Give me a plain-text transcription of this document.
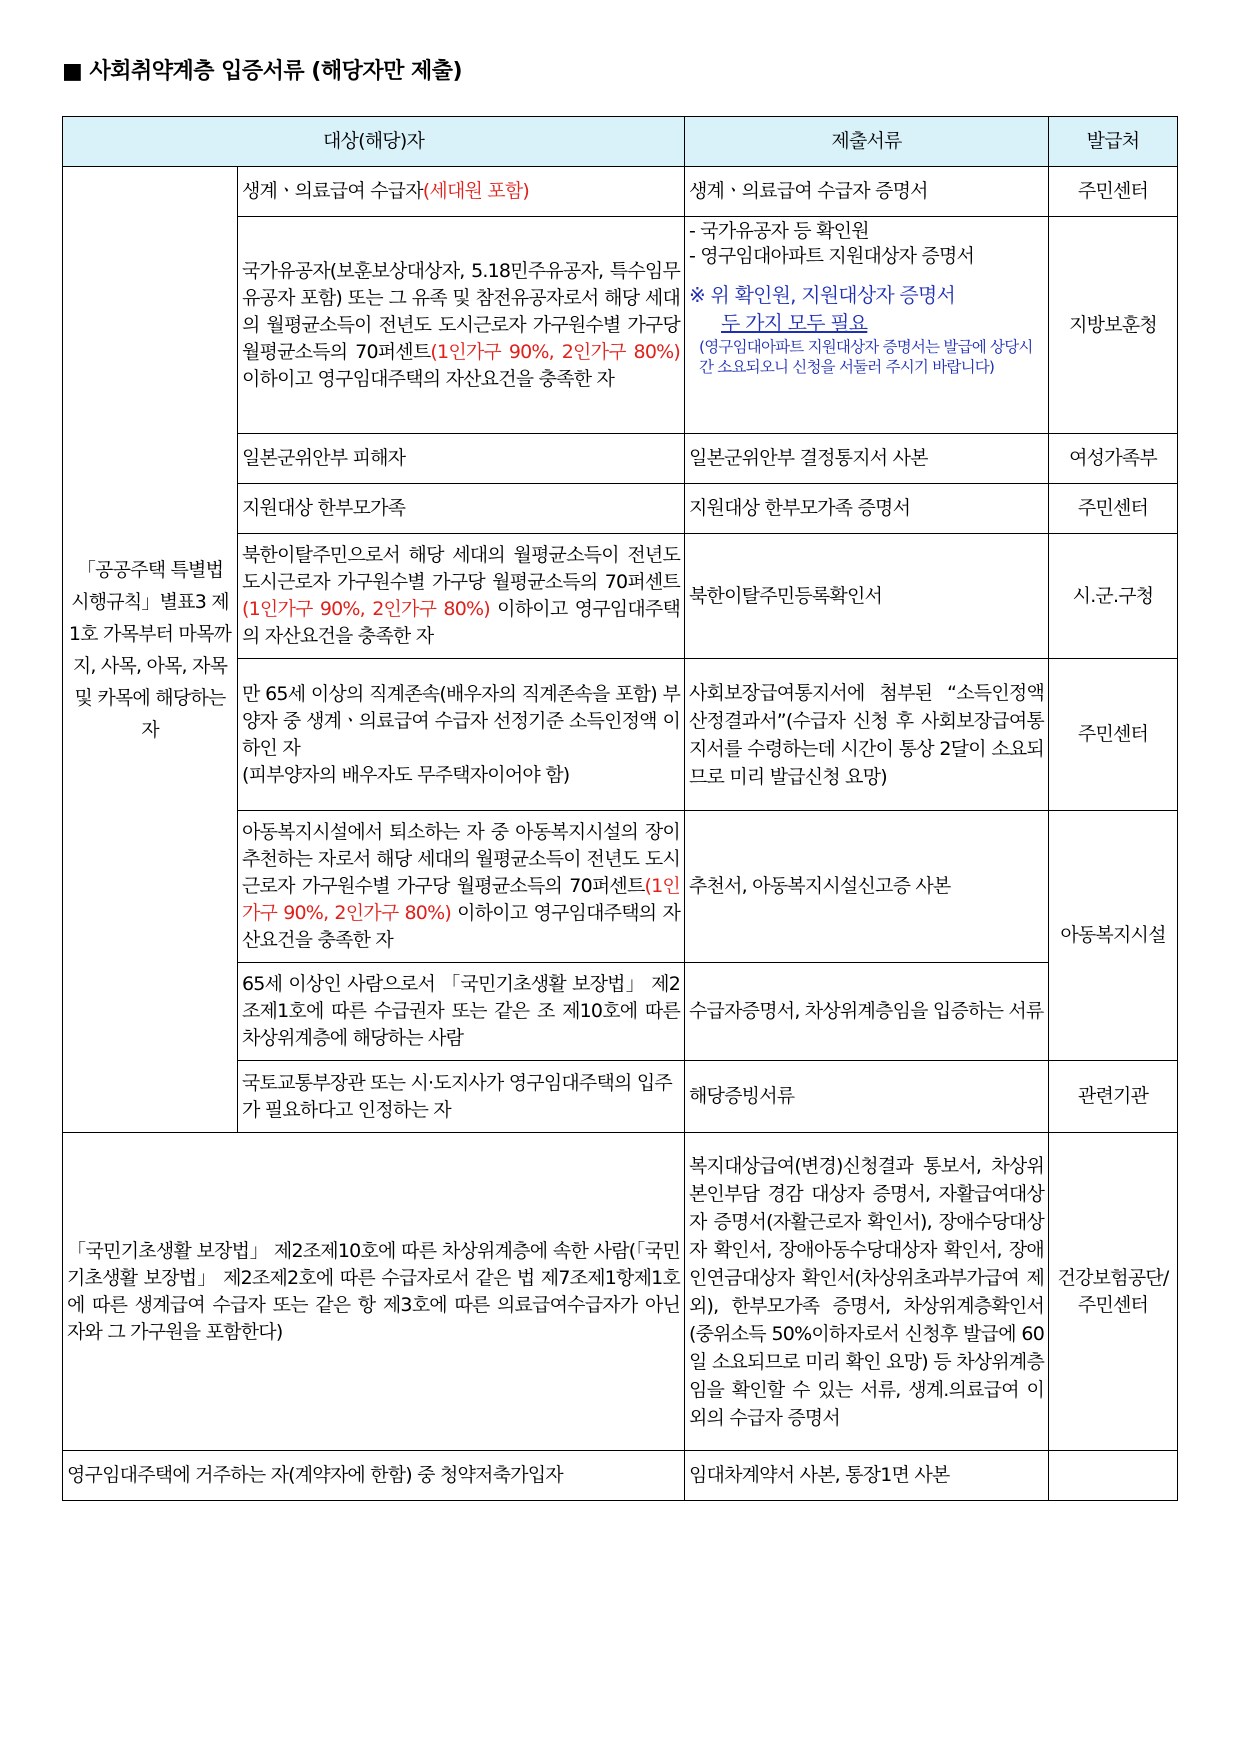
■ 사회취약계층 입증서류 (해당자만 제출)
대상(해당)자		제출서류	발급처
「공공주택 특별법 시행규칙」별표3 제1호 가목부터 마목까지, 사목, 아목, 자목 및 카목에 해당하는 자	생계ㆍ의료급여 수급자(세대원 포함)	생계ㆍ의료급여 수급자 증명서	주민센터
	국가유공자(보훈보상대상자, 5.18민주유공자, 특수임무유공자 포함) 또는 그 유족 및 참전유공자로서 해당 세대의 월평균소득이 전년도 도시근로자 가구원수별 가구당 월평균소득의 70퍼센트(1인가구 90%, 2인가구 80%) 이하이고 영구임대주택의 자산요건을 충족한 자	- 국가유공자 등 확인원
- 영구임대아파트 지원대상자 증명서
※ 위 확인원, 지원대상자 증명서
두 가지 모두 필요
(영구임대아파트 지원대상자 증명서는 발급에 상당시간 소요되오니 신청을 서둘러 주시기 바랍니다)	지방보훈청
	일본군위안부 피해자	일본군위안부 결정통지서 사본	여성가족부
	지원대상 한부모가족	지원대상 한부모가족 증명서	주민센터
	북한이탈주민으로서 해당 세대의 월평균소득이 전년도 도시근로자 가구원수별 가구당 월평균소득의 70퍼센트(1인가구 90%, 2인가구 80%) 이하이고 영구임대주택의 자산요건을 충족한 자	북한이탈주민등록확인서	시.군.구청
	만 65세 이상의 직계존속(배우자의 직계존속을 포함) 부양자 중 생계ㆍ의료급여 수급자 선정기준 소득인정액 이하인 자
(피부양자의 배우자도 무주택자이어야 함)	사회보장급여통지서에 첨부된 “소득인정액 산정결과서”(수급자 신청 후 사회보장급여통지서를 수령하는데 시간이 통상 2달이 소요되므로 미리 발급신청 요망)	주민센터
	아동복지시설에서 퇴소하는 자 중 아동복지시설의 장이 추천하는 자로서 해당 세대의 월평균소득이 전년도 도시근로자 가구원수별 가구당 월평균소득의 70퍼센트(1인가구 90%, 2인가구 80%) 이하이고 영구임대주택의 자산요건을 충족한 자	추천서, 아동복지시설신고증 사본	아동복지시설
	65세 이상인 사람으로서 「국민기초생활 보장법」 제2조제1호에 따른 수급권자 또는 같은 조 제10호에 따른 차상위계층에 해당하는 사람	수급자증명서, 차상위계층임을 입증하는 서류	
	국토교통부장관 또는 시·도지사가 영구임대주택의 입주가 필요하다고 인정하는 자	해당증빙서류	관련기관
「국민기초생활 보장법」 제2조제10호에 따른 차상위계층에 속한 사람(「국민기초생활 보장법」 제2조제2호에 따른 수급자로서 같은 법 제7조제1항제1호에 따른 생계급여 수급자 또는 같은 항 제3호에 따른 의료급여수급자가 아닌 자와 그 가구원을 포함한다)		복지대상급여(변경)신청결과 통보서, 차상위 본인부담 경감 대상자 증명서, 자활급여대상자 증명서(자활근로자 확인서), 장애수당대상자 확인서, 장애아동수당대상자 확인서, 장애인연금대상자 확인서(차상위초과부가급여 제외), 한부모가족 증명서, 차상위계층확인서(중위소득 50%이하자로서 신청후 발급에 60일 소요되므로 미리 확인 요망) 등 차상위계층임을 확인할 수 있는 서류, 생계.의료급여 이외의 수급자 증명서	건강보험공단/
주민센터

영구임대주택에 거주하는 자(계약자에 한함) 중 청약저축가입자		임대차계약서 사본, 통장1면 사본	
